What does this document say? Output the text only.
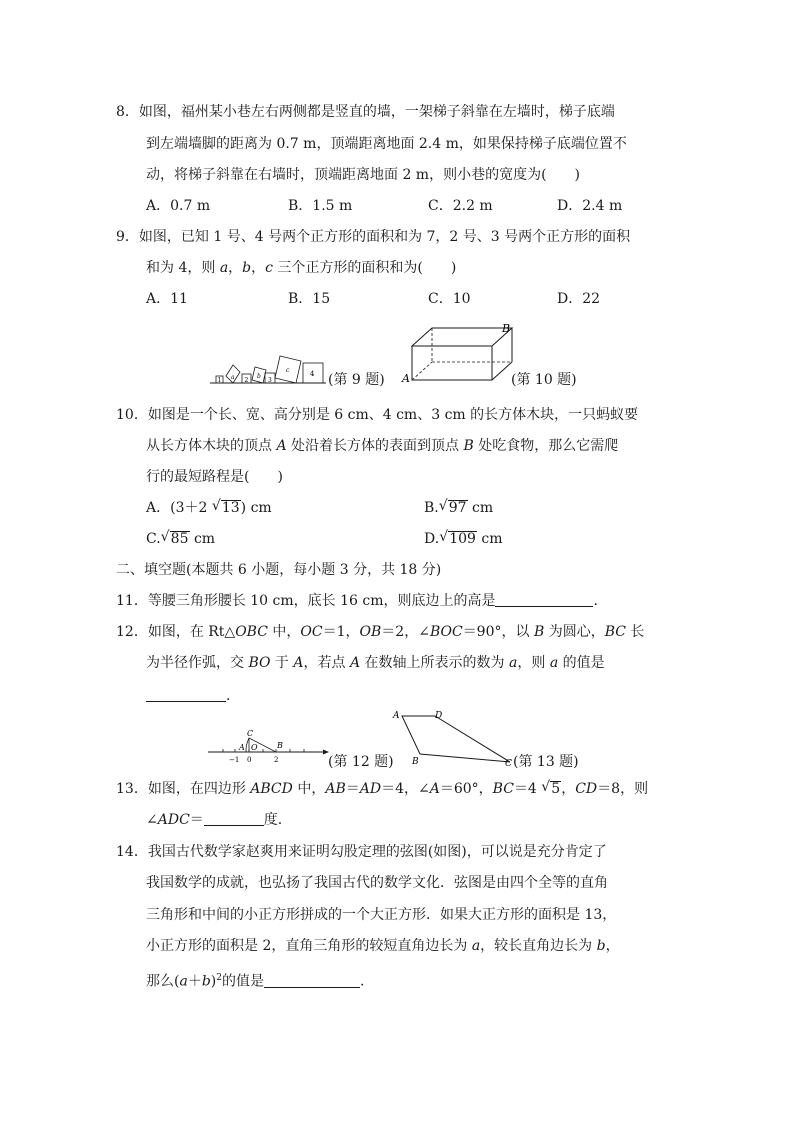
8．如图，福州某小巷左右两侧都是竖直的墙，一架梯子斜靠在左墙时，梯子底端
到左端墙脚的距离为 0.7 m，顶端距离地面 2.4 m，如果保持梯子底端位置不
动，将梯子斜靠在右墙时，顶端距离地面 2 m，则小巷的宽度为(　　)
A．0.7 m	B．1.5 m	C．2.2 m	D．2.4 m
9．如图，已知 1 号、4 号两个正方形的面积和为 7，2 号、3 号两个正方形的面积
和为 4，则 a，b，c 三个正方形的面积和为(　　)
A．11	B．15	C．10	D．22
1 a 2
b
3
c	4 (第 9 题) A
B
(第 10 题)
10．如图是一个长、宽、高分别是 6 cm、4 cm、3 cm 的长方体木块，一只蚂蚁要
从长方体木块的顶点 A 处沿着长方体的表面到顶点 B 处吃食物，那么它需爬
行的最短路程是(　　)
A．(3＋2 √ 13) cm	B. √ 97 cm
C. √ 85 cm	D. √ 109 cm
二、填空题(本题共 6 小题，每小题 3 分，共 18 分)
11．等腰三角形腰长 10 cm，底长 16 cm，则底边上的高是	.
12．如图，在 Rt△OBC 中，OC＝1，OB＝2，∠BOC＝90°，以 B 为圆心，BC 长
为半径作弧，交 BO 于 A，若点 A 在数轴上所表示的数为 a，则 a 的值是
.
C
A O B
−1 0	2	(第 12 题)
A	D
B	C (第 13 题)
13．如图，在四边形 ABCD 中，AB＝AD＝4，∠A＝60°，BC＝4 √ 5，CD＝8，则
∠ADC＝	度.
14．我国古代数学家赵爽用来证明勾股定理的弦图(如图)，可以说是充分肯定了
我国数学的成就，也弘扬了我国古代的数学文化．弦图是由四个全等的直角
三角形和中间的小正方形拼成的一个大正方形．如果大正方形的面积是 13，
小正方形的面积是 2，直角三角形的较短直角边长为 a，较长直角边长为 b，
那么$(a+b)^2$的值是	.
